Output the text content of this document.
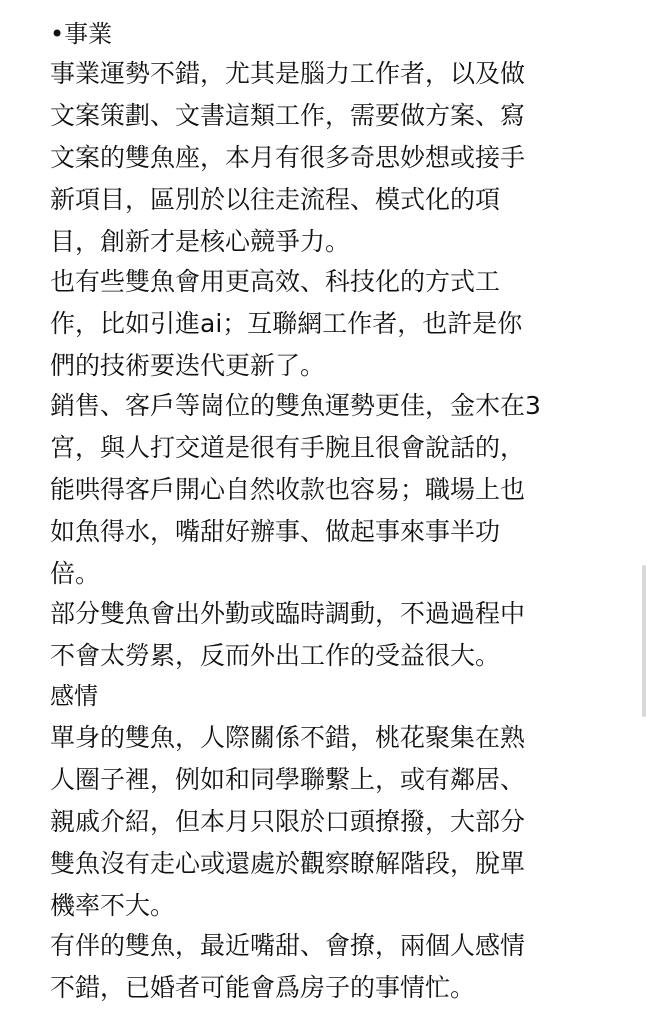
•事業
事業運勢不錯，尤其是腦力工作者，以及做
文案策劃、文書這類工作，需要做方案、寫
文案的雙魚座，本月有很多奇思妙想或接手
新項目，區別於以往走流程、模式化的項
目，創新才是核心競爭力。
也有些雙魚會用更高效、科技化的方式工
作，比如引進ai；互聯網工作者，也許是你
們的技術要迭代更新了。
銷售、客戶等崗位的雙魚運勢更佳，金木在3
宮，與人打交道是很有手腕且很會說話的，
能哄得客戶開心自然收款也容易；職場上也
如魚得水，嘴甜好辦事、做起事來事半功
倍。
部分雙魚會出外勤或臨時調動，不過過程中
不會太勞累，反而外出工作的受益很大。
感情
單身的雙魚，人際關係不錯，桃花聚集在熟
人圈子裡，例如和同學聯繫上，或有鄰居、
親戚介紹，但本月只限於口頭撩撥，大部分
雙魚沒有走心或還處於觀察瞭解階段，脫單
機率不大。
有伴的雙魚，最近嘴甜、會撩，兩個人感情
不錯，已婚者可能會爲房子的事情忙。
